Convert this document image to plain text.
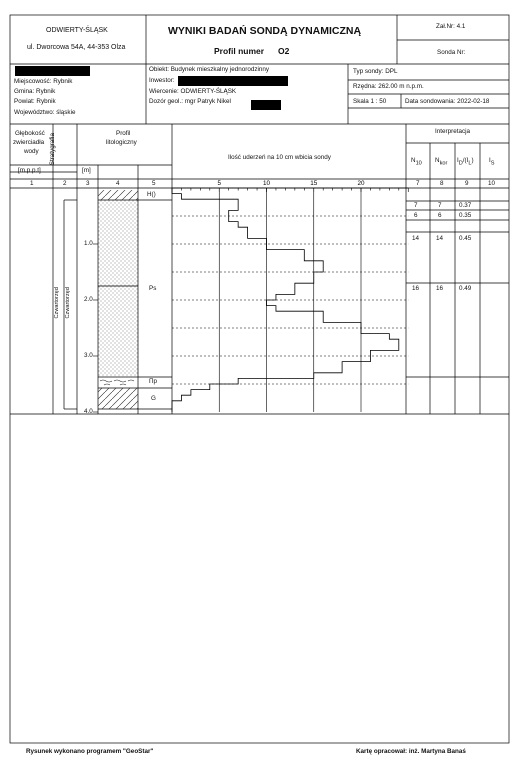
5	10	15	20
ODWIERTY-ŚLĄSK
ul. Dworcowa 54A, 44-353 Olza
WYNIKI BADAŃ SONDĄ DYNAMICZNĄ
Profil numer O2
Zał.Nr: 4.1
Sonda Nr:
Miejscowość: Rybnik
Gmina: Rybnik
Powiat: Rybnik
Województwo: śląskie
Obiekt: Budynek mieszkalny jednorodzinny
Inwestor:
Wiercenie: ODWIERTY-ŚLĄSK
Dozór geol.: mgr Patryk Nikel
Typ sondy: DPL
Rzędna: 262.00 m n.p.m.
Skala 1 : 50	Data sondowania: 2022-02-18
Głębokość
zwierciadła
wody Stratygrafia	Profil
litologiczny
Ilość uderzeń na 10 cm wbicia sondy
Interpretacja
$N_{10}$ $N_{kor}$ $I_D/(I_L)$ $I_S$
[m.p.p.t]	[m]
1	2	3	4	5	7	8	9	10
Czwartorzęd Czwartorzęd
1.0
2.0
3.0
4.0
H()
Ps
Πp
G
7	7	0.37
6	6	0.35
14	14	0.45
16	16	0.49
Rysunek wykonano programem "GeoStar"	Kartę opracował: inż. Martyna Banaś
